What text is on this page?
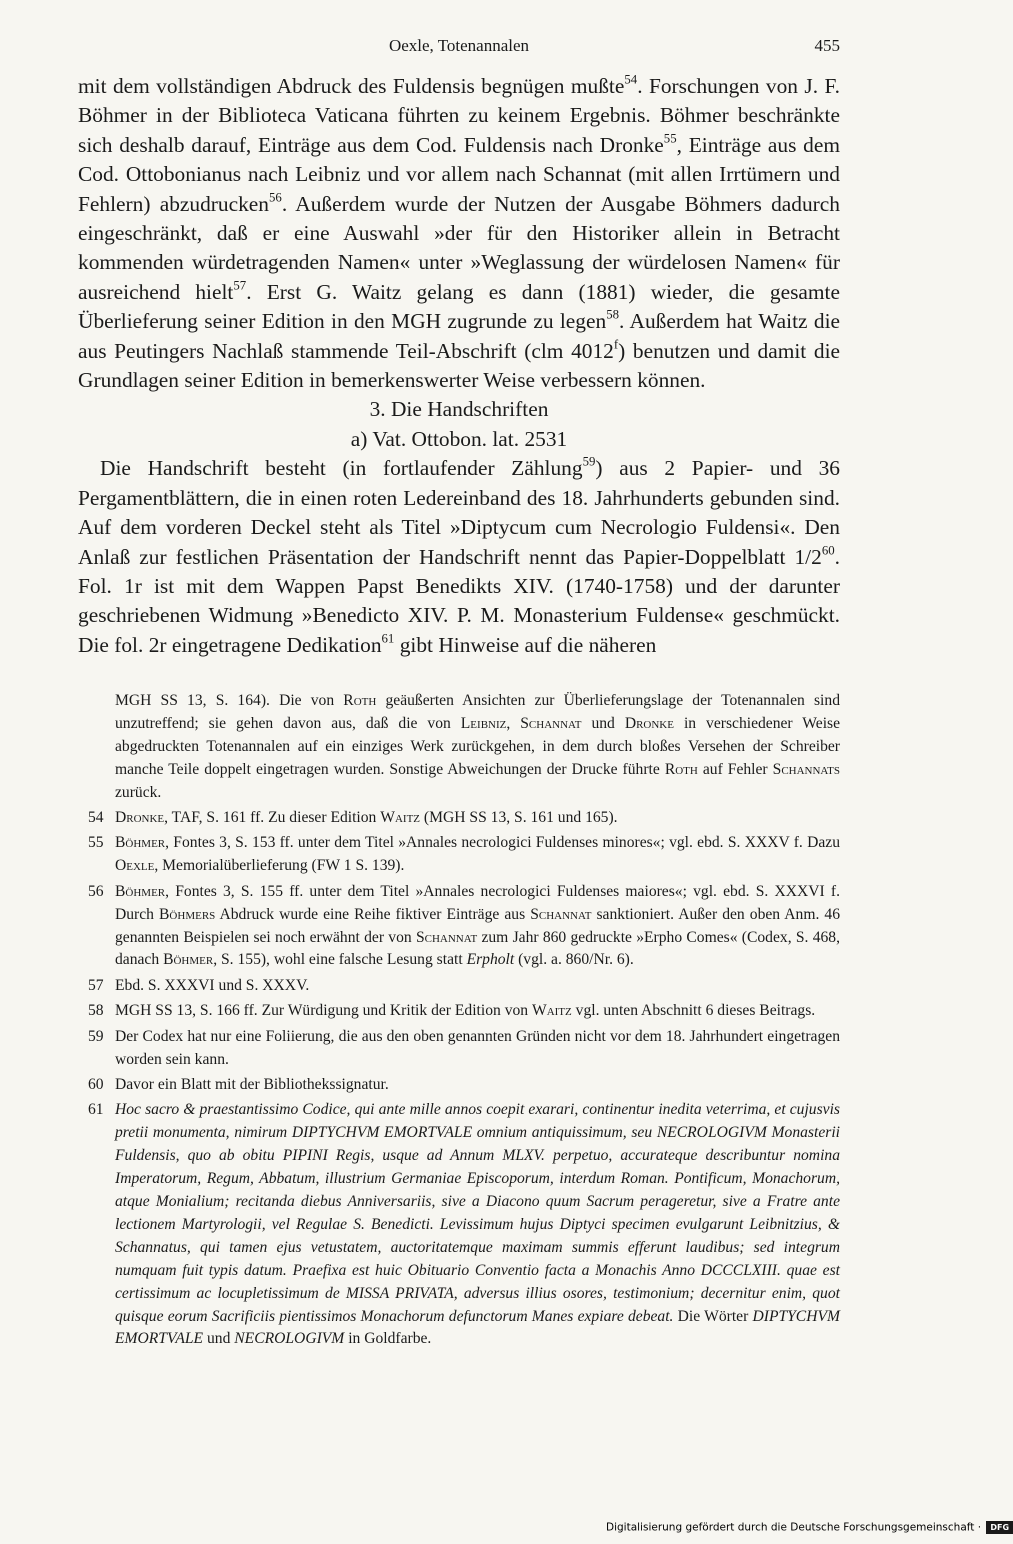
Oexle, Totenannalen	455

mit dem vollständigen Abdruck des Fuldensis begnügen mußte$^{54}$. Forschungen von J. F. Böhmer in der Biblioteca Vaticana führten zu keinem Ergebnis. Böhmer beschränkte sich deshalb darauf, Einträge aus dem Cod. Fuldensis nach Dronke$^{55}$, Einträge aus dem Cod. Ottobonianus nach Leibniz und vor allem nach Schannat (mit allen Irrtümern und Fehlern) abzudrucken$^{56}$. Außerdem wurde der Nutzen der Ausgabe Böhmers dadurch eingeschränkt, daß er eine Auswahl »der für den Historiker allein in Betracht kommenden würdetragenden Namen« unter »Weglassung der würdelosen Namen« für ausreichend hielt$^{57}$. Erst G. Waitz gelang es dann (1881) wieder, die gesamte Überlieferung seiner Edition in den MGH zugrunde zu legen$^{58}$. Außerdem hat Waitz die aus Peutingers Nachlaß stammende Teil-Abschrift (clm 4012$^f$) benutzen und damit die Grundlagen seiner Edition in bemerkenswerter Weise verbessern können.

3. Die Handschriften

a) Vat. Ottobon. lat. 2531

Die Handschrift besteht (in fortlaufender Zählung$^{59}$) aus 2 Papier- und 36 Pergamentblättern, die in einen roten Ledereinband des 18. Jahrhunderts gebunden sind. Auf dem vorderen Deckel steht als Titel »Diptycum cum Necrologio Fuldensi«. Den Anlaß zur festlichen Präsentation der Handschrift nennt das Papier-Doppelblatt $1/2^{60}$. Fol. 1r ist mit dem Wappen Papst Benedikts XIV. (1740-1758) und der darunter geschriebenen Widmung »Benedicto XIV. P. M. Monasterium Fuldense« geschmückt. Die fol. 2r eingetragene Dedikation$^{61}$ gibt Hinweise auf die näheren

MGH SS 13, S. 164). Die von Roth geäußerten Ansichten zur Überlieferungslage der Totenannalen sind unzutreffend; sie gehen davon aus, daß die von Leibniz, Schannat und Dronke in verschiedener Weise abgedruckten Totenannalen auf ein einziges Werk zurückgehen, in dem durch bloßes Versehen der Schreiber manche Teile doppelt eingetragen wurden. Sonstige Abweichungen der Drucke führte Roth auf Fehler Schannats zurück.
54 Dronke, TAF, S. 161 ff. Zu dieser Edition Waitz (MGH SS 13, S. 161 und 165).
55 Böhmer, Fontes 3, S. 153 ff. unter dem Titel »Annales necrologici Fuldenses minores«; vgl. ebd. S. XXXV f. Dazu Oexle, Memorialüberlieferung (FW 1 S. 139).
56 Böhmer, Fontes 3, S. 155 ff. unter dem Titel »Annales necrologici Fuldenses maiores«; vgl. ebd. S. XXXVI f. Durch Böhmers Abdruck wurde eine Reihe fiktiver Einträge aus Schannat sanktioniert. Außer den oben Anm. 46 genannten Beispielen sei noch erwähnt der von Schannat zum Jahr 860 gedruckte »Erpho Comes« (Codex, S. 468, danach Böhmer, S. 155), wohl eine falsche Lesung statt Erpholt (vgl. a. 860/Nr. 6).
57 Ebd. S. XXXVI und S. XXXV.
58 MGH SS 13, S. 166 ff. Zur Würdigung und Kritik der Edition von Waitz vgl. unten Abschnitt 6 dieses Beitrags.
59 Der Codex hat nur eine Foliierung, die aus den oben genannten Gründen nicht vor dem 18. Jahrhundert eingetragen worden sein kann.
60 Davor ein Blatt mit der Bibliothekssignatur.
61 Hoc sacro & praestantissimo Codice, qui ante mille annos coepit exarari, continentur inedita veterrima, et cujusvis pretii monumenta, nimirum DIPTYCHVM EMORTVALE omnium antiquissimum, seu NECROLOGIVM Monasterii Fuldensis, quo ab obitu PIPINI Regis, usque ad Annum MLXV. perpetuo, accurateque describuntur nomina Imperatorum, Regum, Abbatum, illustrium Germaniae Episcoporum, interdum Roman. Pontificum, Monachorum, atque Monialium; recitanda diebus Anniversariis, sive a Diacono quum Sacrum perageretur, sive a Fratre ante lectionem Martyrologii, vel Regulae S. Benedicti. Levissimum hujus Diptyci specimen evulgarunt Leibnitzius, & Schannatus, qui tamen ejus vetustatem, auctoritatemque maximam summis efferunt laudibus; sed integrum numquam fuit typis datum. Praefixa est huic Obituario Conventio facta a Monachis Anno DCCCLXIII. quae est certissimum ac locupletissimum de MISSA PRIVATA, adversus illius osores, testimonium; decernitur enim, quot quisque eorum Sacrificiis pientissimos Monachorum defunctorum Manes expiare debeat. Die Wörter DIPTYCHVM EMORTVALE und NECROLOGIVM in Goldfarbe.
Digitalisierung gefördert durch die Deutsche Forschungsgemeinschaft · DFG
